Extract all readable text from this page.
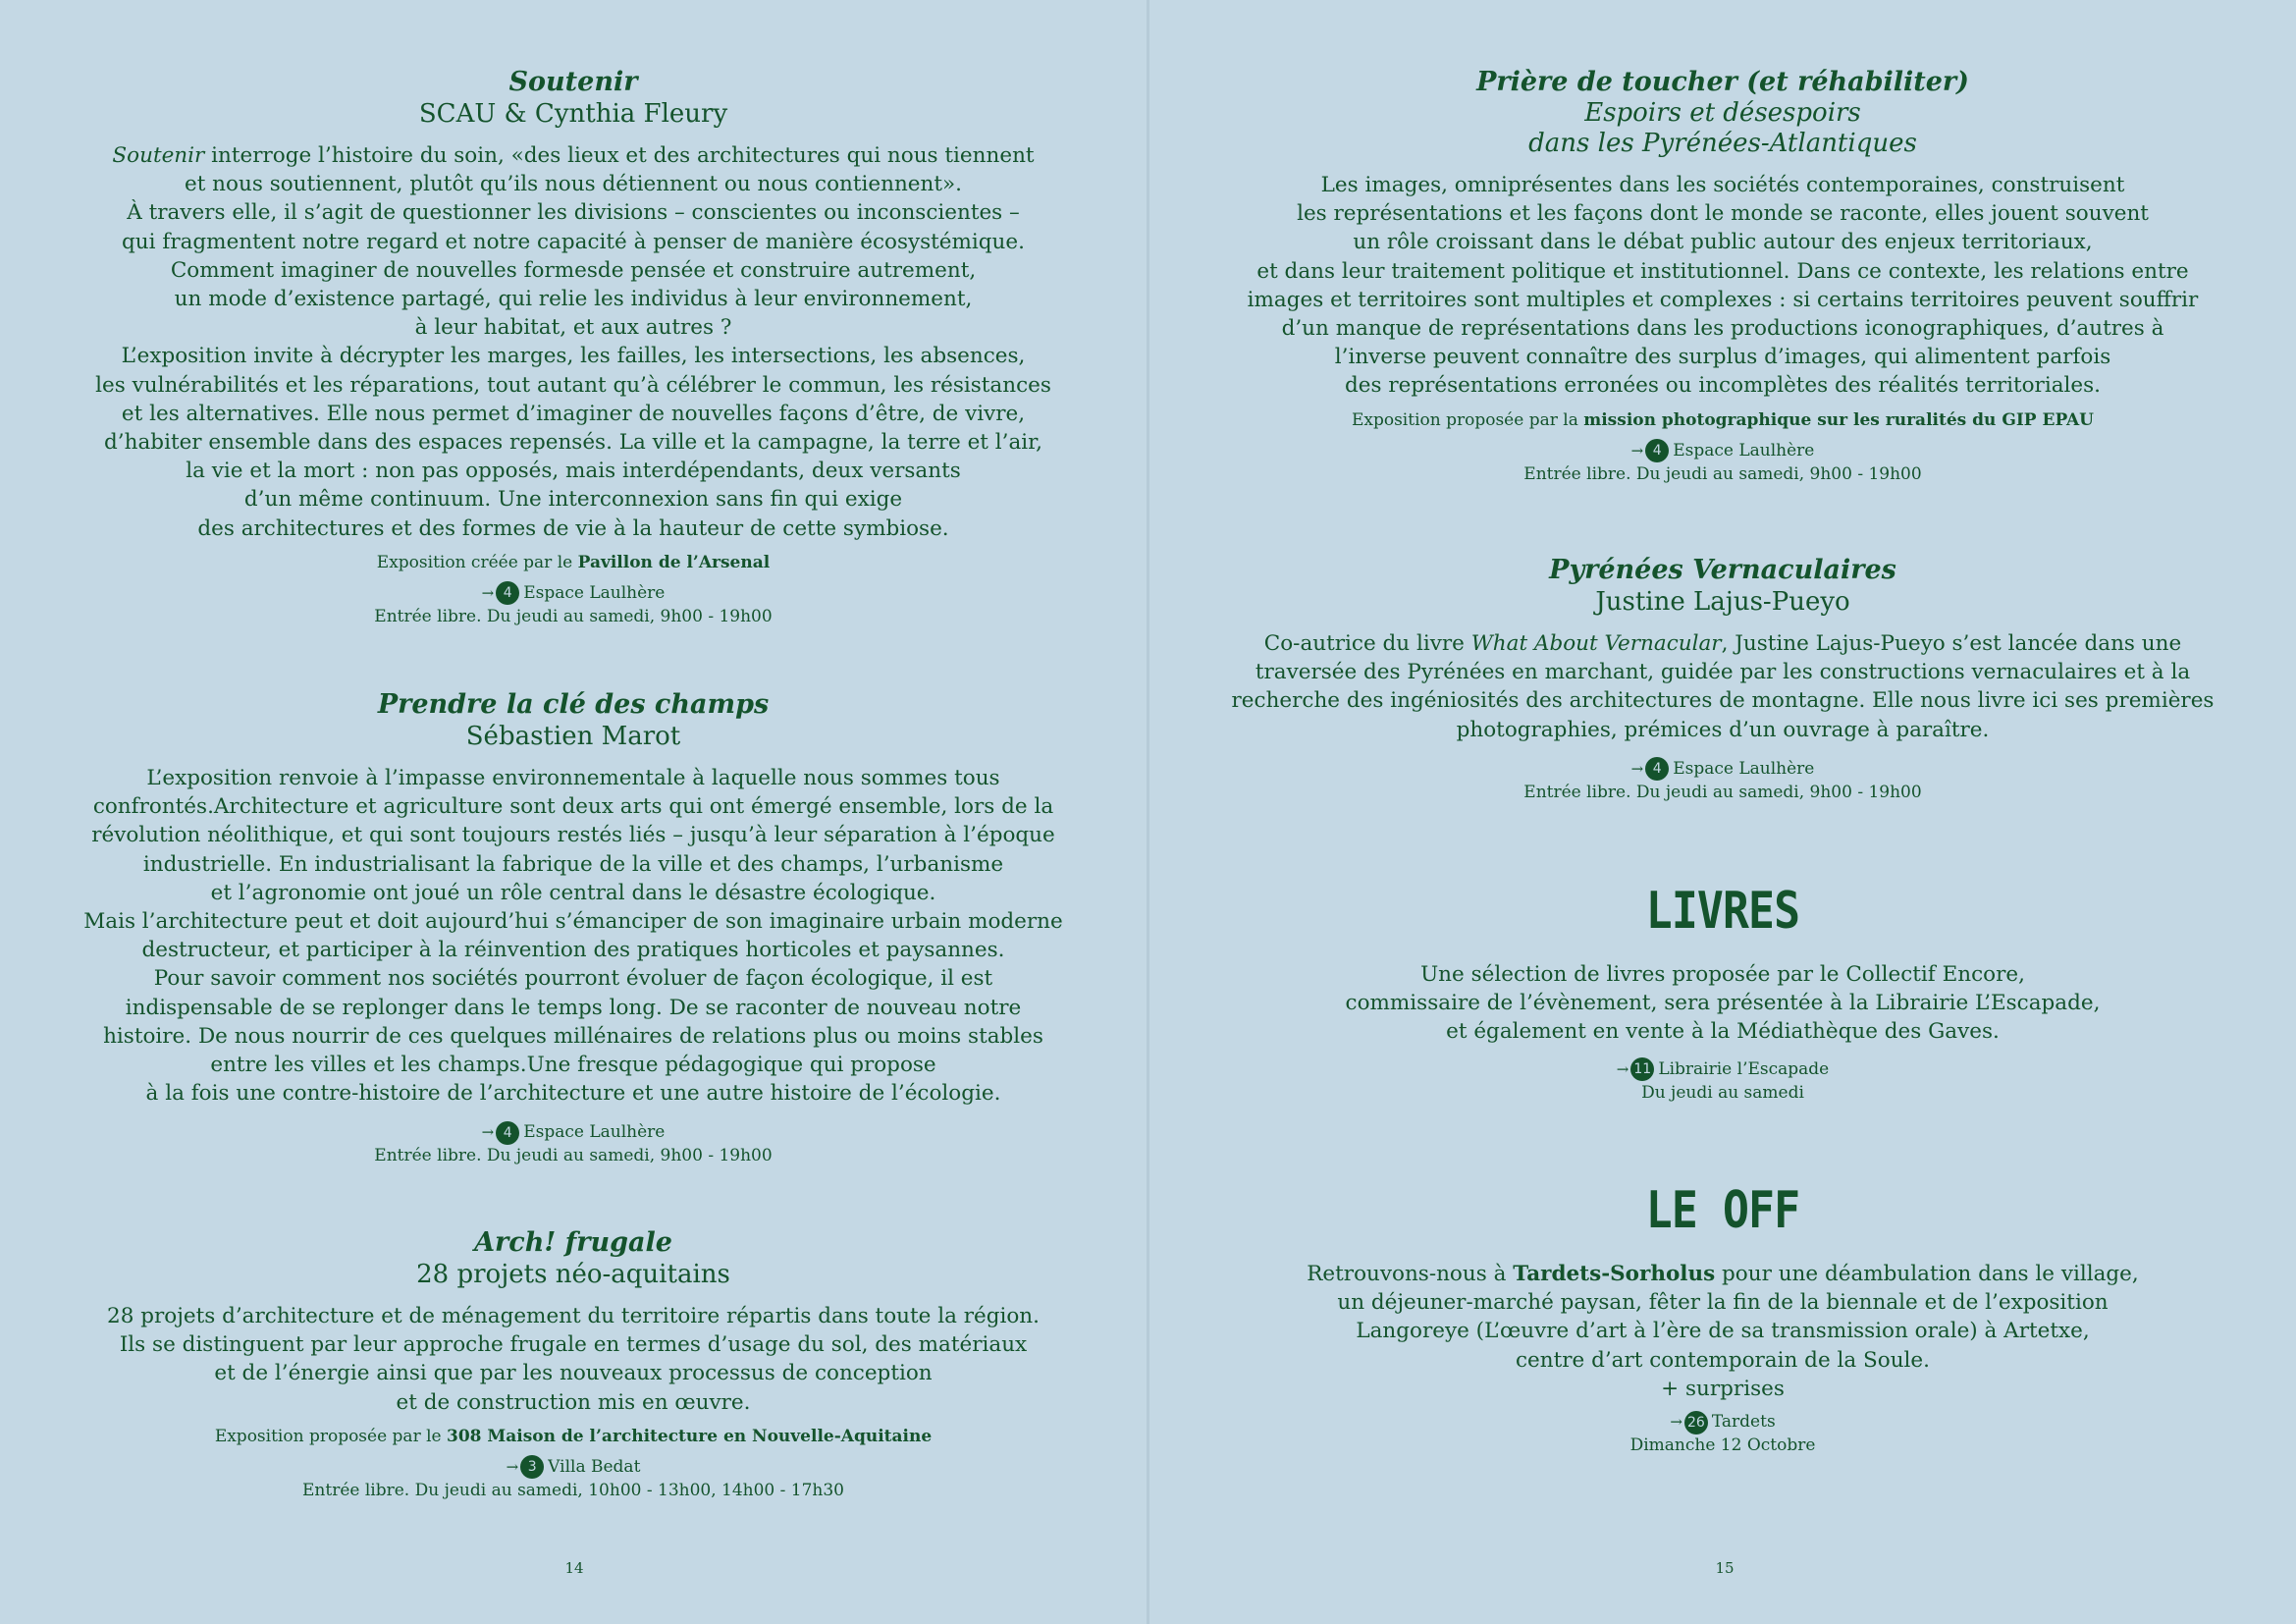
Soutenir
SCAU & Cynthia Fleury

Soutenir interroge l’histoire du soin, «des lieux et des architectures qui nous tiennent

et nous soutiennent, plutôt qu’ils nous détiennent ou nous contiennent».

À travers elle, il s’agit de questionner les divisions – conscientes ou inconscientes –

qui fragmentent notre regard et notre capacité à penser de manière écosystémique.

Comment imaginer de nouvelles formesde pensée et construire autrement,

un mode d’existence partagé, qui relie les individus à leur environnement,

à leur habitat, et aux autres ?

L’exposition invite à décrypter les marges, les failles, les intersections, les absences,

les vulnérabilités et les réparations, tout autant qu’à célébrer le commun, les résistances

et les alternatives. Elle nous permet d’imaginer de nouvelles façons d’être, de vivre,

d’habiter ensemble dans des espaces repensés. La ville et la campagne, la terre et l’air,

la vie et la mort : non pas opposés, mais interdépendants, deux versants

d’un même continuum. Une interconnexion sans fin qui exige

des architectures et des formes de vie à la hauteur de cette symbiose.

Exposition créée par le Pavillon de l’Arsenal
→ 4 Espace Laulhère
Entrée libre. Du jeudi au samedi, 9h00 - 19h00
Prendre la clé des champs
Sébastien Marot

L’exposition renvoie à l’impasse environnementale à laquelle nous sommes tous

confrontés.Architecture et agriculture sont deux arts qui ont émergé ensemble, lors de la

révolution néolithique, et qui sont toujours restés liés – jusqu’à leur séparation à l’époque

industrielle. En industrialisant la fabrique de la ville et des champs, l’urbanisme

et l’agronomie ont joué un rôle central dans le désastre écologique.

Mais l’architecture peut et doit aujourd’hui s’émanciper de son imaginaire urbain moderne

destructeur, et participer à la réinvention des pratiques horticoles et paysannes.

Pour savoir comment nos sociétés pourront évoluer de façon écologique, il est

indispensable de se replonger dans le temps long. De se raconter de nouveau notre

histoire. De nous nourrir de ces quelques millénaires de relations plus ou moins stables

entre les villes et les champs.Une fresque pédagogique qui propose

à la fois une contre-histoire de l’architecture et une autre histoire de l’écologie.

→ 4 Espace Laulhère
Entrée libre. Du jeudi au samedi, 9h00 - 19h00
Arch! frugale
28 projets néo-aquitains

28 projets d’architecture et de ménagement du territoire répartis dans toute la région.

Ils se distinguent par leur approche frugale en termes d’usage du sol, des matériaux

et de l’énergie ainsi que par les nouveaux processus de conception

et de construction mis en œuvre.

Exposition proposée par le 308 Maison de l’architecture en Nouvelle-Aquitaine
→ 3 Villa Bedat
Entrée libre. Du jeudi au samedi, 10h00 - 13h00, 14h00 - 17h30
14
Prière de toucher (et réhabiliter)
Espoirs et désespoirs
dans les Pyrénées-Atlantiques

Les images, omniprésentes dans les sociétés contemporaines, construisent

les représentations et les façons dont le monde se raconte, elles jouent souvent

un rôle croissant dans le débat public autour des enjeux territoriaux,

et dans leur traitement politique et institutionnel. Dans ce contexte, les relations entre

images et territoires sont multiples et complexes : si certains territoires peuvent souffrir

d’un manque de représentations dans les productions iconographiques, d’autres à

l’inverse peuvent connaître des surplus d’images, qui alimentent parfois

des représentations erronées ou incomplètes des réalités territoriales.

Exposition proposée par la mission photographique sur les ruralités du GIP EPAU
→ 4 Espace Laulhère
Entrée libre. Du jeudi au samedi, 9h00 - 19h00
Pyrénées Vernaculaires
Justine Lajus-Pueyo

Co-autrice du livre What About Vernacular, Justine Lajus-Pueyo s’est lancée dans une

traversée des Pyrénées en marchant, guidée par les constructions vernaculaires et à la

recherche des ingéniosités des architectures de montagne. Elle nous livre ici ses premières

photographies, prémices d’un ouvrage à paraître.

→ 4 Espace Laulhère
Entrée libre. Du jeudi au samedi, 9h00 - 19h00
LIVRES

Une sélection de livres proposée par le Collectif Encore,

commissaire de l’évènement, sera présentée à la Librairie L’Escapade,

et également en vente à la Médiathèque des Gaves.

→ 11 Librairie l’Escapade
Du jeudi au samedi
LE OFF

Retrouvons-nous à Tardets-Sorholus pour une déambulation dans le village,

un déjeuner-marché paysan, fêter la fin de la biennale et de l’exposition

Langoreye (L’œuvre d’art à l’ère de sa transmission orale) à Artetxe,

centre d’art contemporain de la Soule.

+ surprises

→ 26 Tardets
Dimanche 12 Octobre
15
